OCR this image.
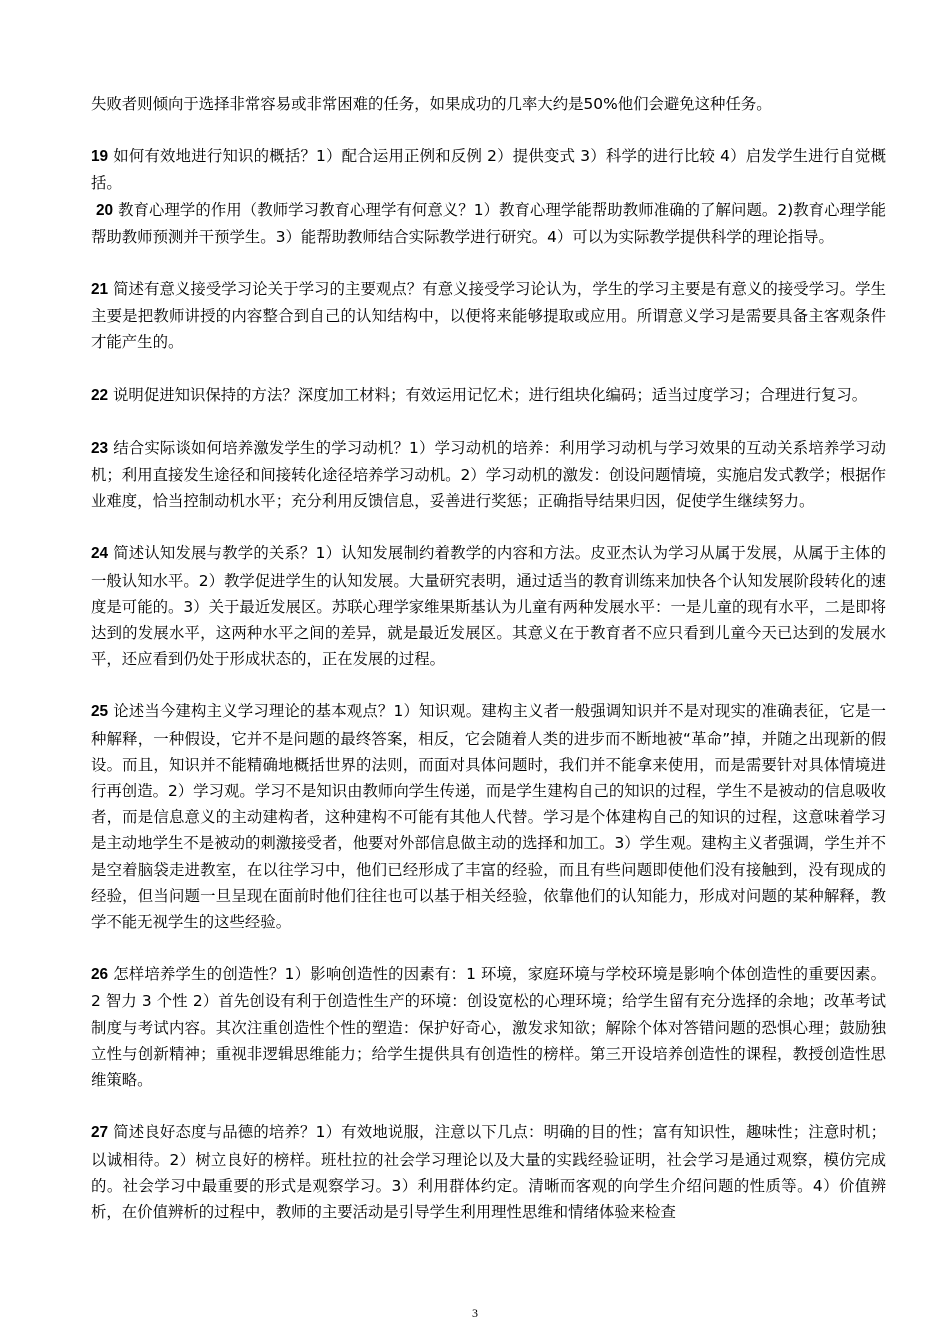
失败者则倾向于选择非常容易或非常困难的任务，如果成功的几率大约是50%他们会避免这种任务。

19 如何有效地进行知识的概括？1）配合运用正例和反例 2）提供变式 3）科学的进行比较 4）启发学生进行自觉概括。

20 教育心理学的作用（教师学习教育心理学有何意义？1）教育心理学能帮助教师准确的了解问题。2)教育心理学能帮助教师预测并干预学生。3）能帮助教师结合实际教学进行研究。4）可以为实际教学提供科学的理论指导。

21 简述有意义接受学习论关于学习的主要观点？有意义接受学习论认为，学生的学习主要是有意义的接受学习。学生主要是把教师讲授的内容整合到自己的认知结构中，以便将来能够提取或应用。所谓意义学习是需要具备主客观条件才能产生的。

22 说明促进知识保持的方法？深度加工材料；有效运用记忆术；进行组块化编码；适当过度学习；合理进行复习。

23 结合实际谈如何培养激发学生的学习动机？1）学习动机的培养：利用学习动机与学习效果的互动关系培养学习动机；利用直接发生途径和间接转化途径培养学习动机。2）学习动机的激发：创设问题情境，实施启发式教学；根据作业难度，恰当控制动机水平；充分利用反馈信息，妥善进行奖惩；正确指导结果归因，促使学生继续努力。

24 简述认知发展与教学的关系？1）认知发展制约着教学的内容和方法。皮亚杰认为学习从属于发展，从属于主体的一般认知水平。2）教学促进学生的认知发展。大量研究表明，通过适当的教育训练来加快各个认知发展阶段转化的速度是可能的。3）关于最近发展区。苏联心理学家维果斯基认为儿童有两种发展水平：一是儿童的现有水平，二是即将达到的发展水平，这两种水平之间的差异，就是最近发展区。其意义在于教育者不应只看到儿童今天已达到的发展水平，还应看到仍处于形成状态的，正在发展的过程。

25 论述当今建构主义学习理论的基本观点？1）知识观。建构主义者一般强调知识并不是对现实的准确表征，它是一种解释，一种假设，它并不是问题的最终答案，相反，它会随着人类的进步而不断地被“革命”掉，并随之出现新的假设。而且，知识并不能精确地概括世界的法则，而面对具体问题时，我们并不能拿来使用，而是需要针对具体情境进行再创造。2）学习观。学习不是知识由教师向学生传递，而是学生建构自己的知识的过程，学生不是被动的信息吸收者，而是信息意义的主动建构者，这种建构不可能有其他人代替。学习是个体建构自己的知识的过程，这意味着学习是主动地学生不是被动的刺激接受者，他要对外部信息做主动的选择和加工。3）学生观。建构主义者强调，学生并不是空着脑袋走进教室，在以往学习中，他们已经形成了丰富的经验，而且有些问题即使他们没有接触到，没有现成的经验，但当问题一旦呈现在面前时他们往往也可以基于相关经验，依靠他们的认知能力，形成对问题的某种解释，教学不能无视学生的这些经验。

26 怎样培养学生的创造性？1）影响创造性的因素有：1 环境，家庭环境与学校环境是影响个体创造性的重要因素。2 智力 3 个性 2）首先创设有利于创造性生产的环境：创设宽松的心理环境；给学生留有充分选择的余地；改革考试制度与考试内容。其次注重创造性个性的塑造：保护好奇心，激发求知欲；解除个体对答错问题的恐惧心理；鼓励独立性与创新精神；重视非逻辑思维能力；给学生提供具有创造性的榜样。第三开设培养创造性的课程，教授创造性思维策略。

27 简述良好态度与品德的培养？1）有效地说服，注意以下几点：明确的目的性；富有知识性，趣味性；注意时机；以诚相待。2）树立良好的榜样。班杜拉的社会学习理论以及大量的实践经验证明，社会学习是通过观察，模仿完成的。社会学习中最重要的形式是观察学习。3）利用群体约定。清晰而客观的向学生介绍问题的性质等。4）价值辨析，在价值辨析的过程中，教师的主要活动是引导学生利用理性思维和情绪体验来检查

3
